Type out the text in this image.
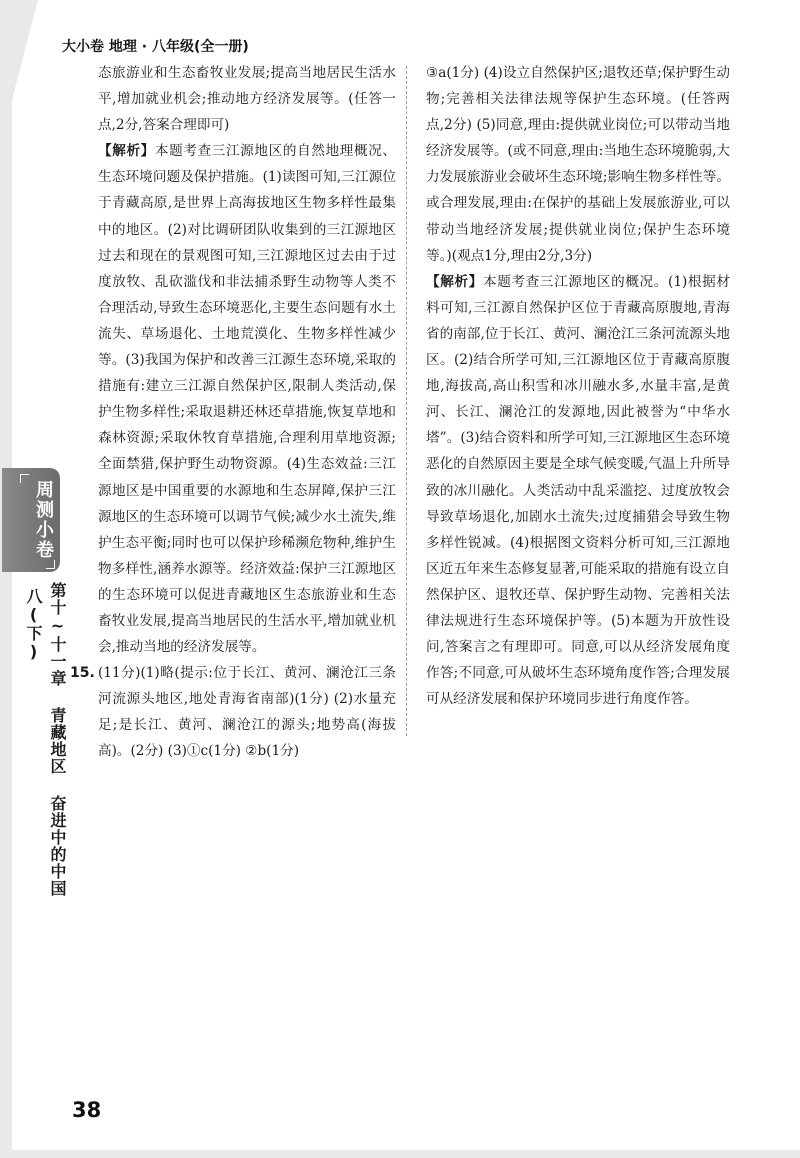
大小卷 地理 · 八年级(全一册)

态旅游业和生态畜牧业发展;提高当地居民生活水平,增加就业机会;推动地方经济发展等。(任答一点,2分,答案合理即可)

【解析】本题考查三江源地区的自然地理概况、生态环境问题及保护措施。(1)读图可知,三江源位于青藏高原,是世界上高海拔地区生物多样性最集中的地区。(2)对比调研团队收集到的三江源地区过去和现在的景观图可知,三江源地区过去由于过度放牧、乱砍滥伐和非法捕杀野生动物等人类不合理活动,导致生态环境恶化,主要生态问题有水土流失、草场退化、土地荒漠化、生物多样性减少等。(3)我国为保护和改善三江源生态环境,采取的措施有:建立三江源自然保护区,限制人类活动,保护生物多样性;采取退耕还林还草措施,恢复草地和森林资源;采取休牧育草措施,合理利用草地资源;全面禁猎,保护野生动物资源。(4)生态效益:三江源地区是中国重要的水源地和生态屏障,保护三江源地区的生态环境可以调节气候;减少水土流失,维护生态平衡;同时也可以保护珍稀濒危物种,维护生物多样性,涵养水源等。经济效益:保护三江源地区的生态环境可以促进青藏地区生态旅游业和生态畜牧业发展,提高当地居民的生活水平,增加就业机会,推动当地的经济发展等。

15. (11分)(1)略(提示:位于长江、黄河、澜沧江三条河流源头地区,地处青海省南部)(1分) (2)水量充足;是长江、黄河、澜沧江的源头;地势高(海拔高)。(2分) (3)①c(1分) ②b(1分)

③a(1分) (4)设立自然保护区;退牧还草;保护野生动物;完善相关法律法规等保护生态环境。(任答两点,2分) (5)同意,理由:提供就业岗位;可以带动当地经济发展等。(或不同意,理由:当地生态环境脆弱,大力发展旅游业会破坏生态环境;影响生物多样性等。或合理发展,理由:在保护的基础上发展旅游业,可以带动当地经济发展;提供就业岗位;保护生态环境等。)(观点1分,理由2分,3分)

【解析】本题考查三江源地区的概况。(1)根据材料可知,三江源自然保护区位于青藏高原腹地,青海省的南部,位于长江、黄河、澜沧江三条河流源头地区。(2)结合所学可知,三江源地区位于青藏高原腹地,海拔高,高山积雪和冰川融水多,水量丰富,是黄河、长江、澜沧江的发源地,因此被誉为“中华水塔”。(3)结合资料和所学可知,三江源地区生态环境恶化的自然原因主要是全球气候变暖,气温上升所导致的冰川融化。人类活动中乱采滥挖、过度放牧会导致草场退化,加剧水土流失;过度捕猎会导致生物多样性锐减。(4)根据图文资料分析可知,三江源地区近五年来生态修复显著,可能采取的措施有设立自然保护区、退牧还草、保护野生动物、完善相关法律法规进行生态环境保护等。(5)本题为开放性设问,答案言之有理即可。同意,可以从经济发展角度作答;不同意,可从破坏生态环境角度作答;合理发展可从经济发展和保护环境同步进行角度作答。

周测小卷
八(下) 第十~十一章 青藏地区 奋进中的中国
38
